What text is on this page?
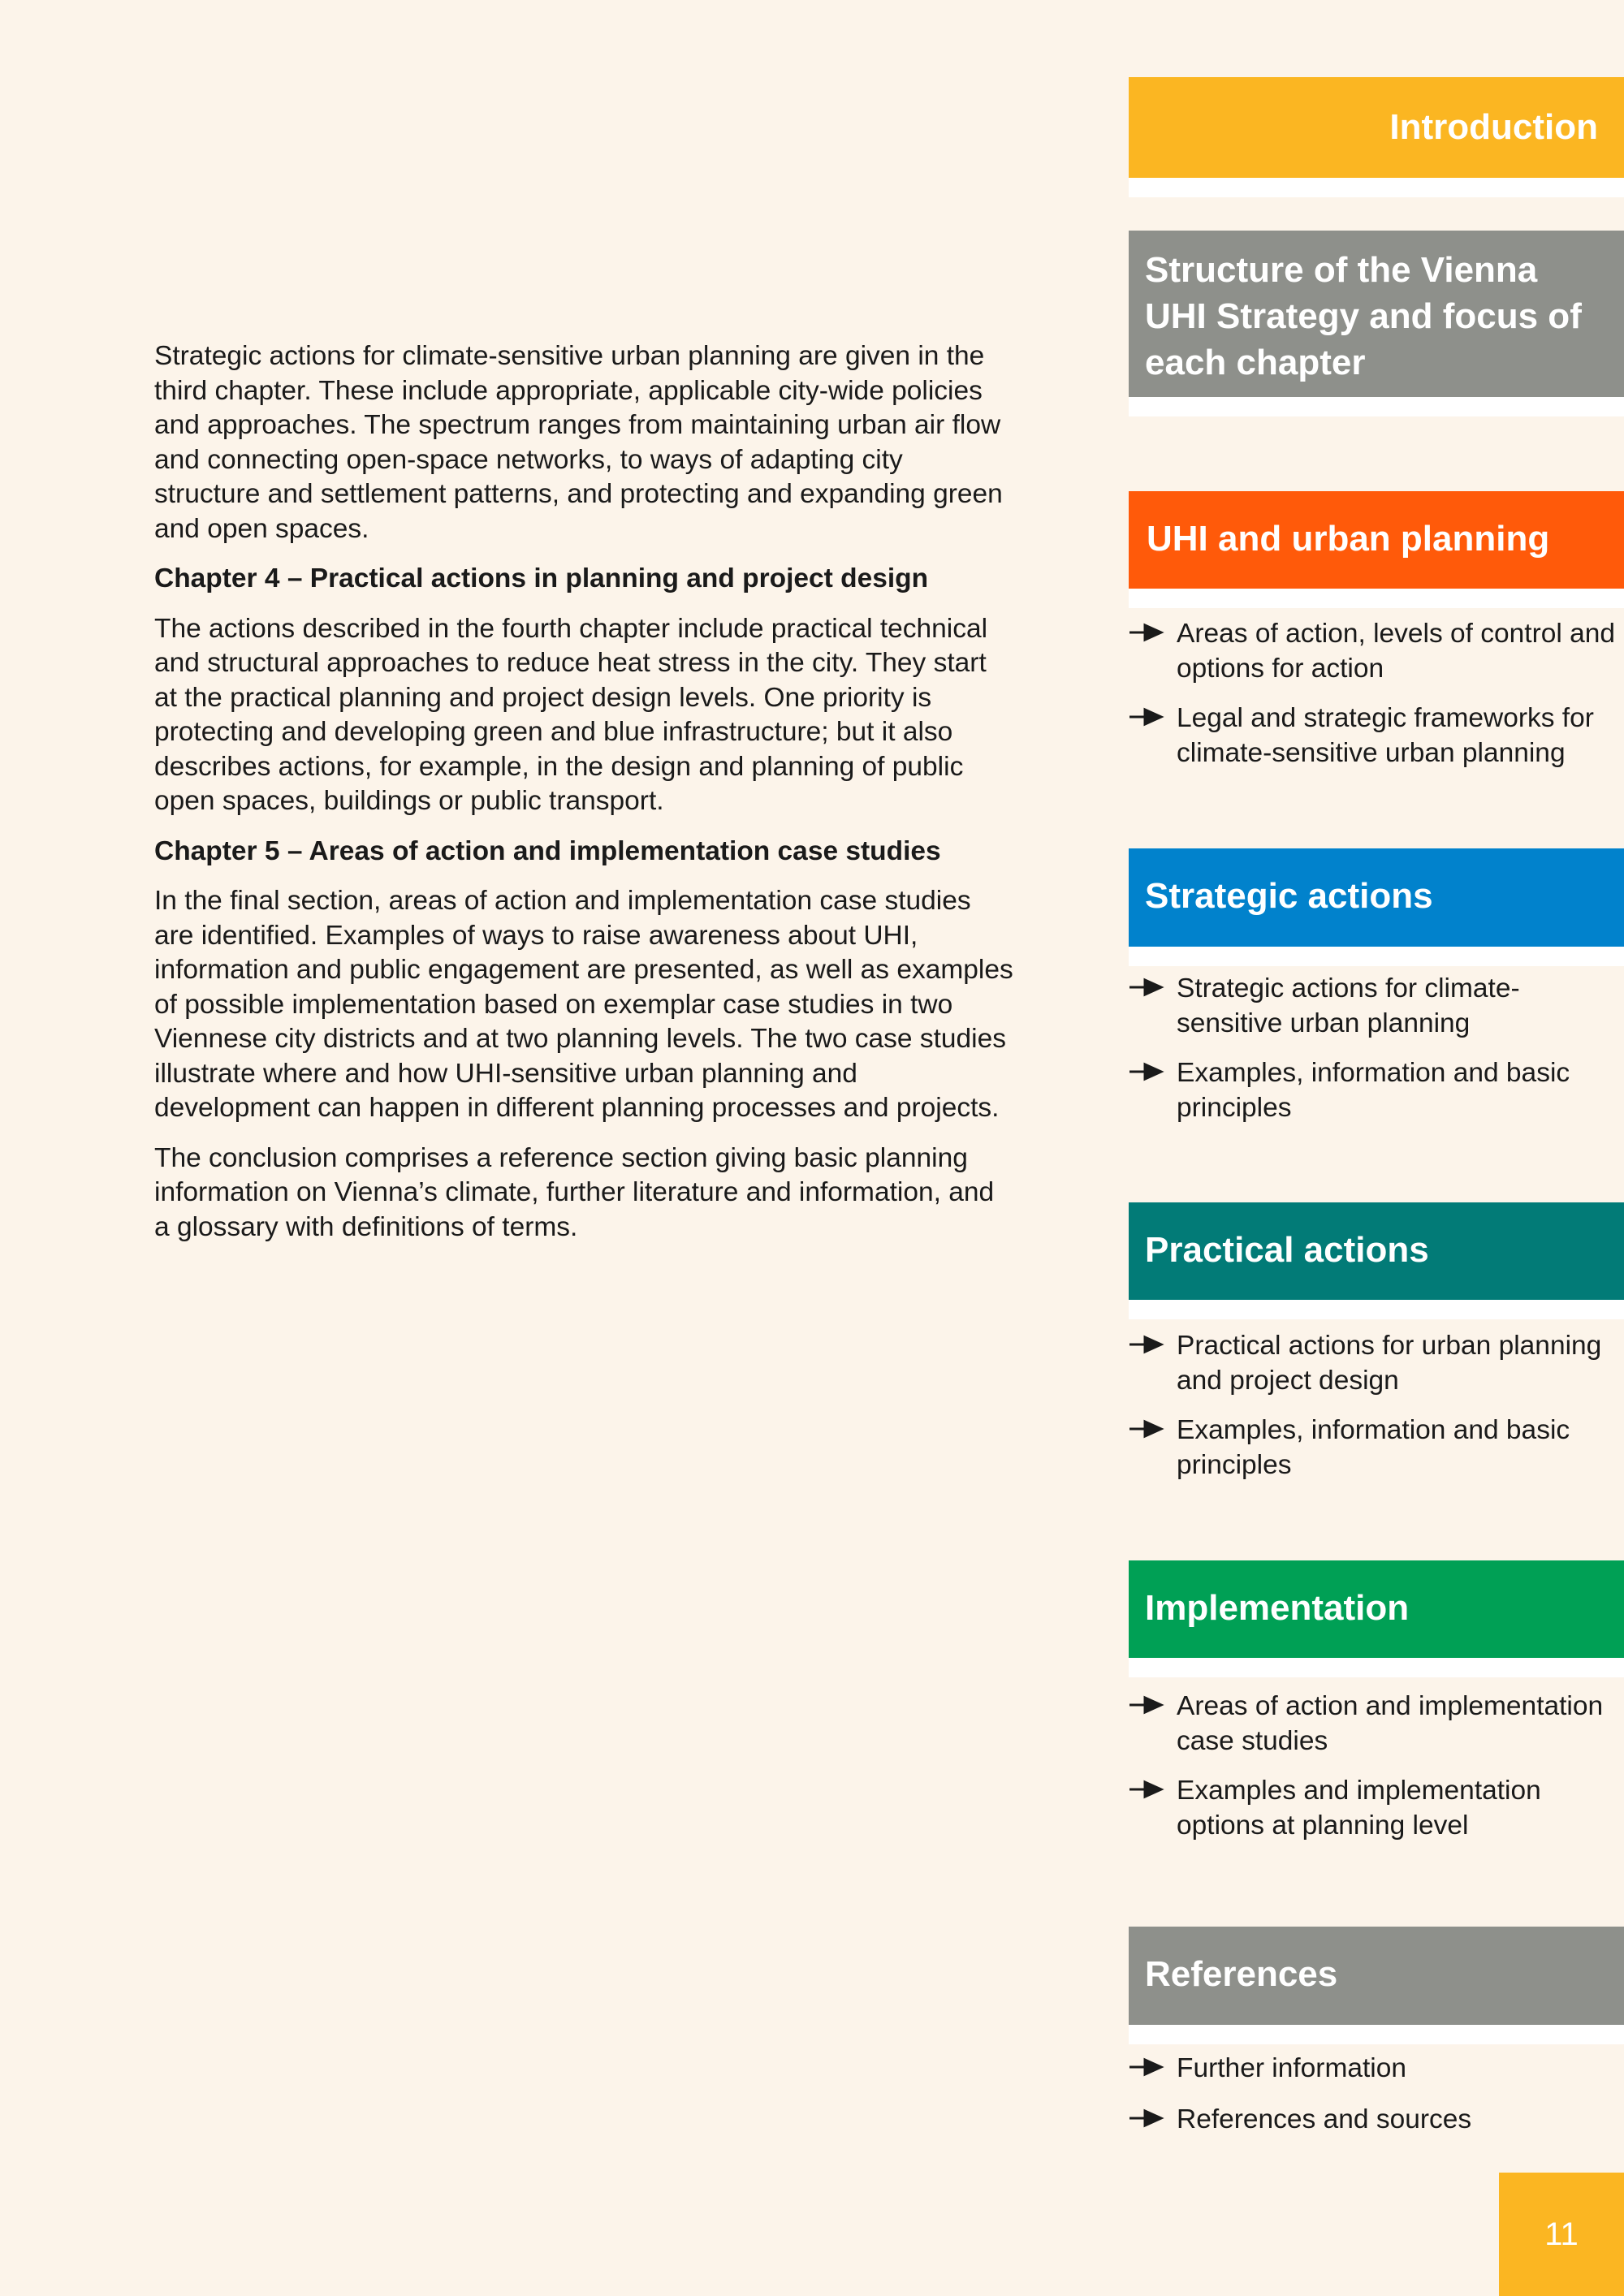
Strategic actions for climate-sensitive urban planning are given in the third chapter. These include appropriate, applicable city-wide policies and approaches. The spectrum ranges from maintaining urban air flow and connecting open-space networks, to ways of adapting city structure and settlement patterns, and protecting and expanding green and open spaces.

Chapter 4 – Practical actions in planning and project design

The actions described in the fourth chapter include practical technical and structural approaches to reduce heat stress in the city. They start at the practical planning and project design levels. One priority is protecting and developing green and blue infrastructure; but it also describes actions, for example, in the design and planning of public open spaces, buildings or public transport.

Chapter 5 – Areas of action and implementation case studies

In the final section, areas of action and implementation case studies are identified. Examples of ways to raise awareness about UHI, information and public engagement are presented, as well as examples of possible implementation based on exemplar case studies in two Viennese city districts and at two planning levels. The two case studies illustrate where and how UHI-sensitive urban planning and development can happen in different planning processes and projects.

The conclusion comprises a reference section giving basic planning information on Vienna’s climate, further literature and information, and a glossary with definitions of terms.

Introduction
Structure of the Vienna UHI Strategy and focus of each chapter
UHI and urban planning
Areas of action, levels of control and options for action
Legal and strategic frameworks for climate-sensitive urban planning
Strategic actions
Strategic actions for climate-sensitive urban planning
Examples, information and basic principles
Practical actions
Practical actions for urban planning and project design
Examples, information and basic principles
Implementation
Areas of action and implementation case studies
Examples and implementation options at planning level
References
Further information
References and sources
11
